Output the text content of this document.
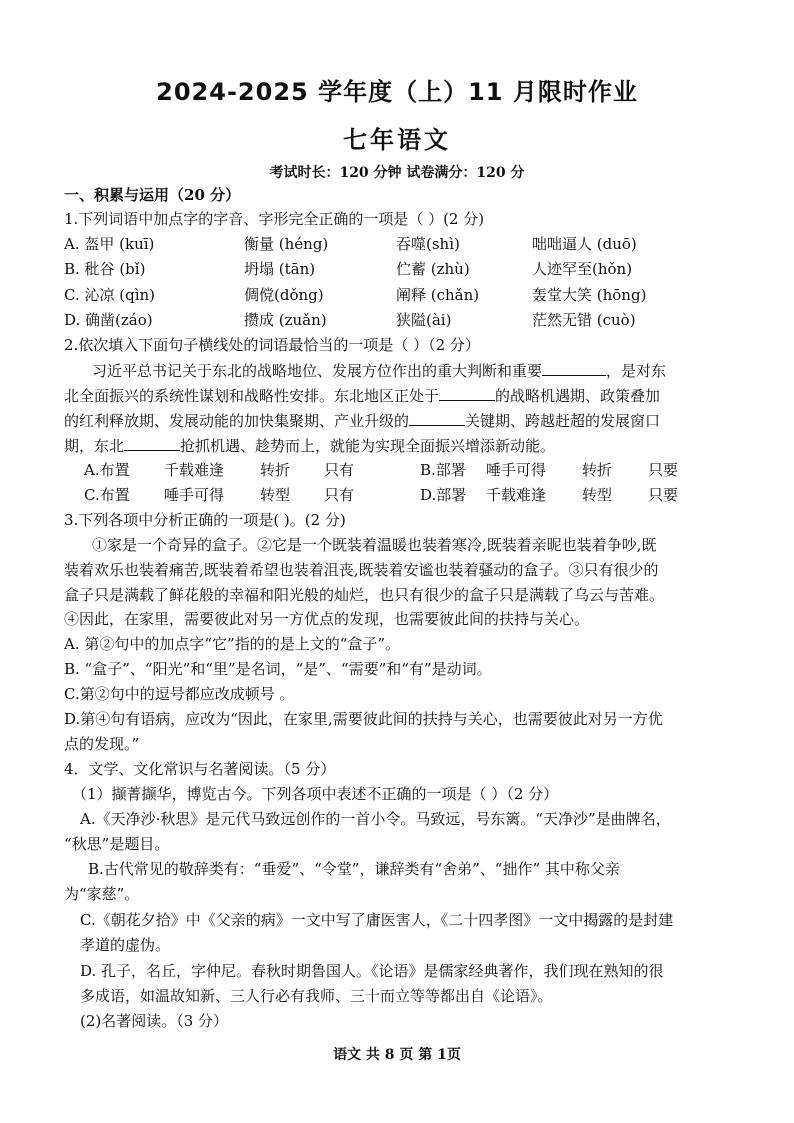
2024-2025 学年度（上）11 月限时作业
七年语文
考试时长：120 分钟 试卷满分：120 分
一、积累与运用（20 分）
1.下列词语中加点字的字音、字形完全正确的一项是（ ）(2 分)
A. 盔甲 (kuī)	衡量 (héng)	吞噬(shì)	咄咄逼人 (duō)
B. 秕谷 (bǐ)	坍塌 (tān)	伫蓄 (zhù)	人迹罕至(hǒn)
C. 沁凉 (qìn)	倜傥(dǒng)	阐释 (chǎn)	轰堂大笑 (hōng)
D. 确凿(záo)	攒成 (zuǎn)	狭隘(ài)	茫然无错 (cuò)
2.依次填入下面句子横线处的词语最恰当的一项是（ ）（2 分）
习近平总书记关于东北的战略地位、发展方位作出的重大判断和重要	，是对东
北全面振兴的系统性谋划和战略性安排。东北地区正处于	的战略机遇期、政策叠加
的红利释放期、发展动能的加快集聚期、产业升级的	关键期、跨越赶超的发展窗口
期，东北	抢抓机遇、趁势而上，就能为实现全面振兴增添新动能。
A.布置 千载难逢 转折 只有	B.部署 唾手可得 转折 只要
C.布置 唾手可得 转型 只有	D.部署 千载难逢 转型 只要
3.下列各项中分析正确的一项是( )。(2 分)
①家是一个奇异的盒子。②它是一个既装着温暖也装着寒冷,既装着亲昵也装着争吵,既
装着欢乐也装着痛苦,既装着希望也装着沮丧,既装着安谧也装着骚动的盒子。③只有很少的
盒子只是满载了鲜花般的幸福和阳光般的灿烂，也只有很少的盒子只是满载了乌云与苦难。
④因此，在家里，需要彼此对另一方优点的发现，也需要彼此间的扶持与关心。
A. 第②句中的加点字“它”指的的是上文的“盒子”。
B. “盒子”、“阳光”和“里”是名词，“是”、“需要”和“有”是动词。
C.第②句中的逗号都应改成顿号 。
D.第④句有语病，应改为“因此，在家里,需要彼此间的扶持与关心，也需要彼此对另一方优
点的发现。”
4．文学、文化常识与名著阅读。（5 分）
（1）撷菁撷华，博览古今。下列各项中表述不正确的一项是（ ）（2 分）
A.《天净沙·秋思》是元代马致远创作的一首小令。马致远，号东篱。“天净沙”是曲牌名，
“秋思”是题目。
B.古代常见的敬辞类有：“垂爱”、“令堂”，谦辞类有“舍弟”、“拙作” 其中称父亲
为“家慈”。
C.《朝花夕拾》中《父亲的病》一文中写了庸医害人，《二十四孝图》一文中揭露的是封建
孝道的虚伪。
D. 孔子，名丘，字仲尼。春秋时期鲁国人。《论语》是儒家经典著作，我们现在熟知的很
多成语，如温故知新、三人行必有我师、三十而立等等都出自《论语》。
(2)名著阅读。（3 分）
语文 共 8 页 第 1页
